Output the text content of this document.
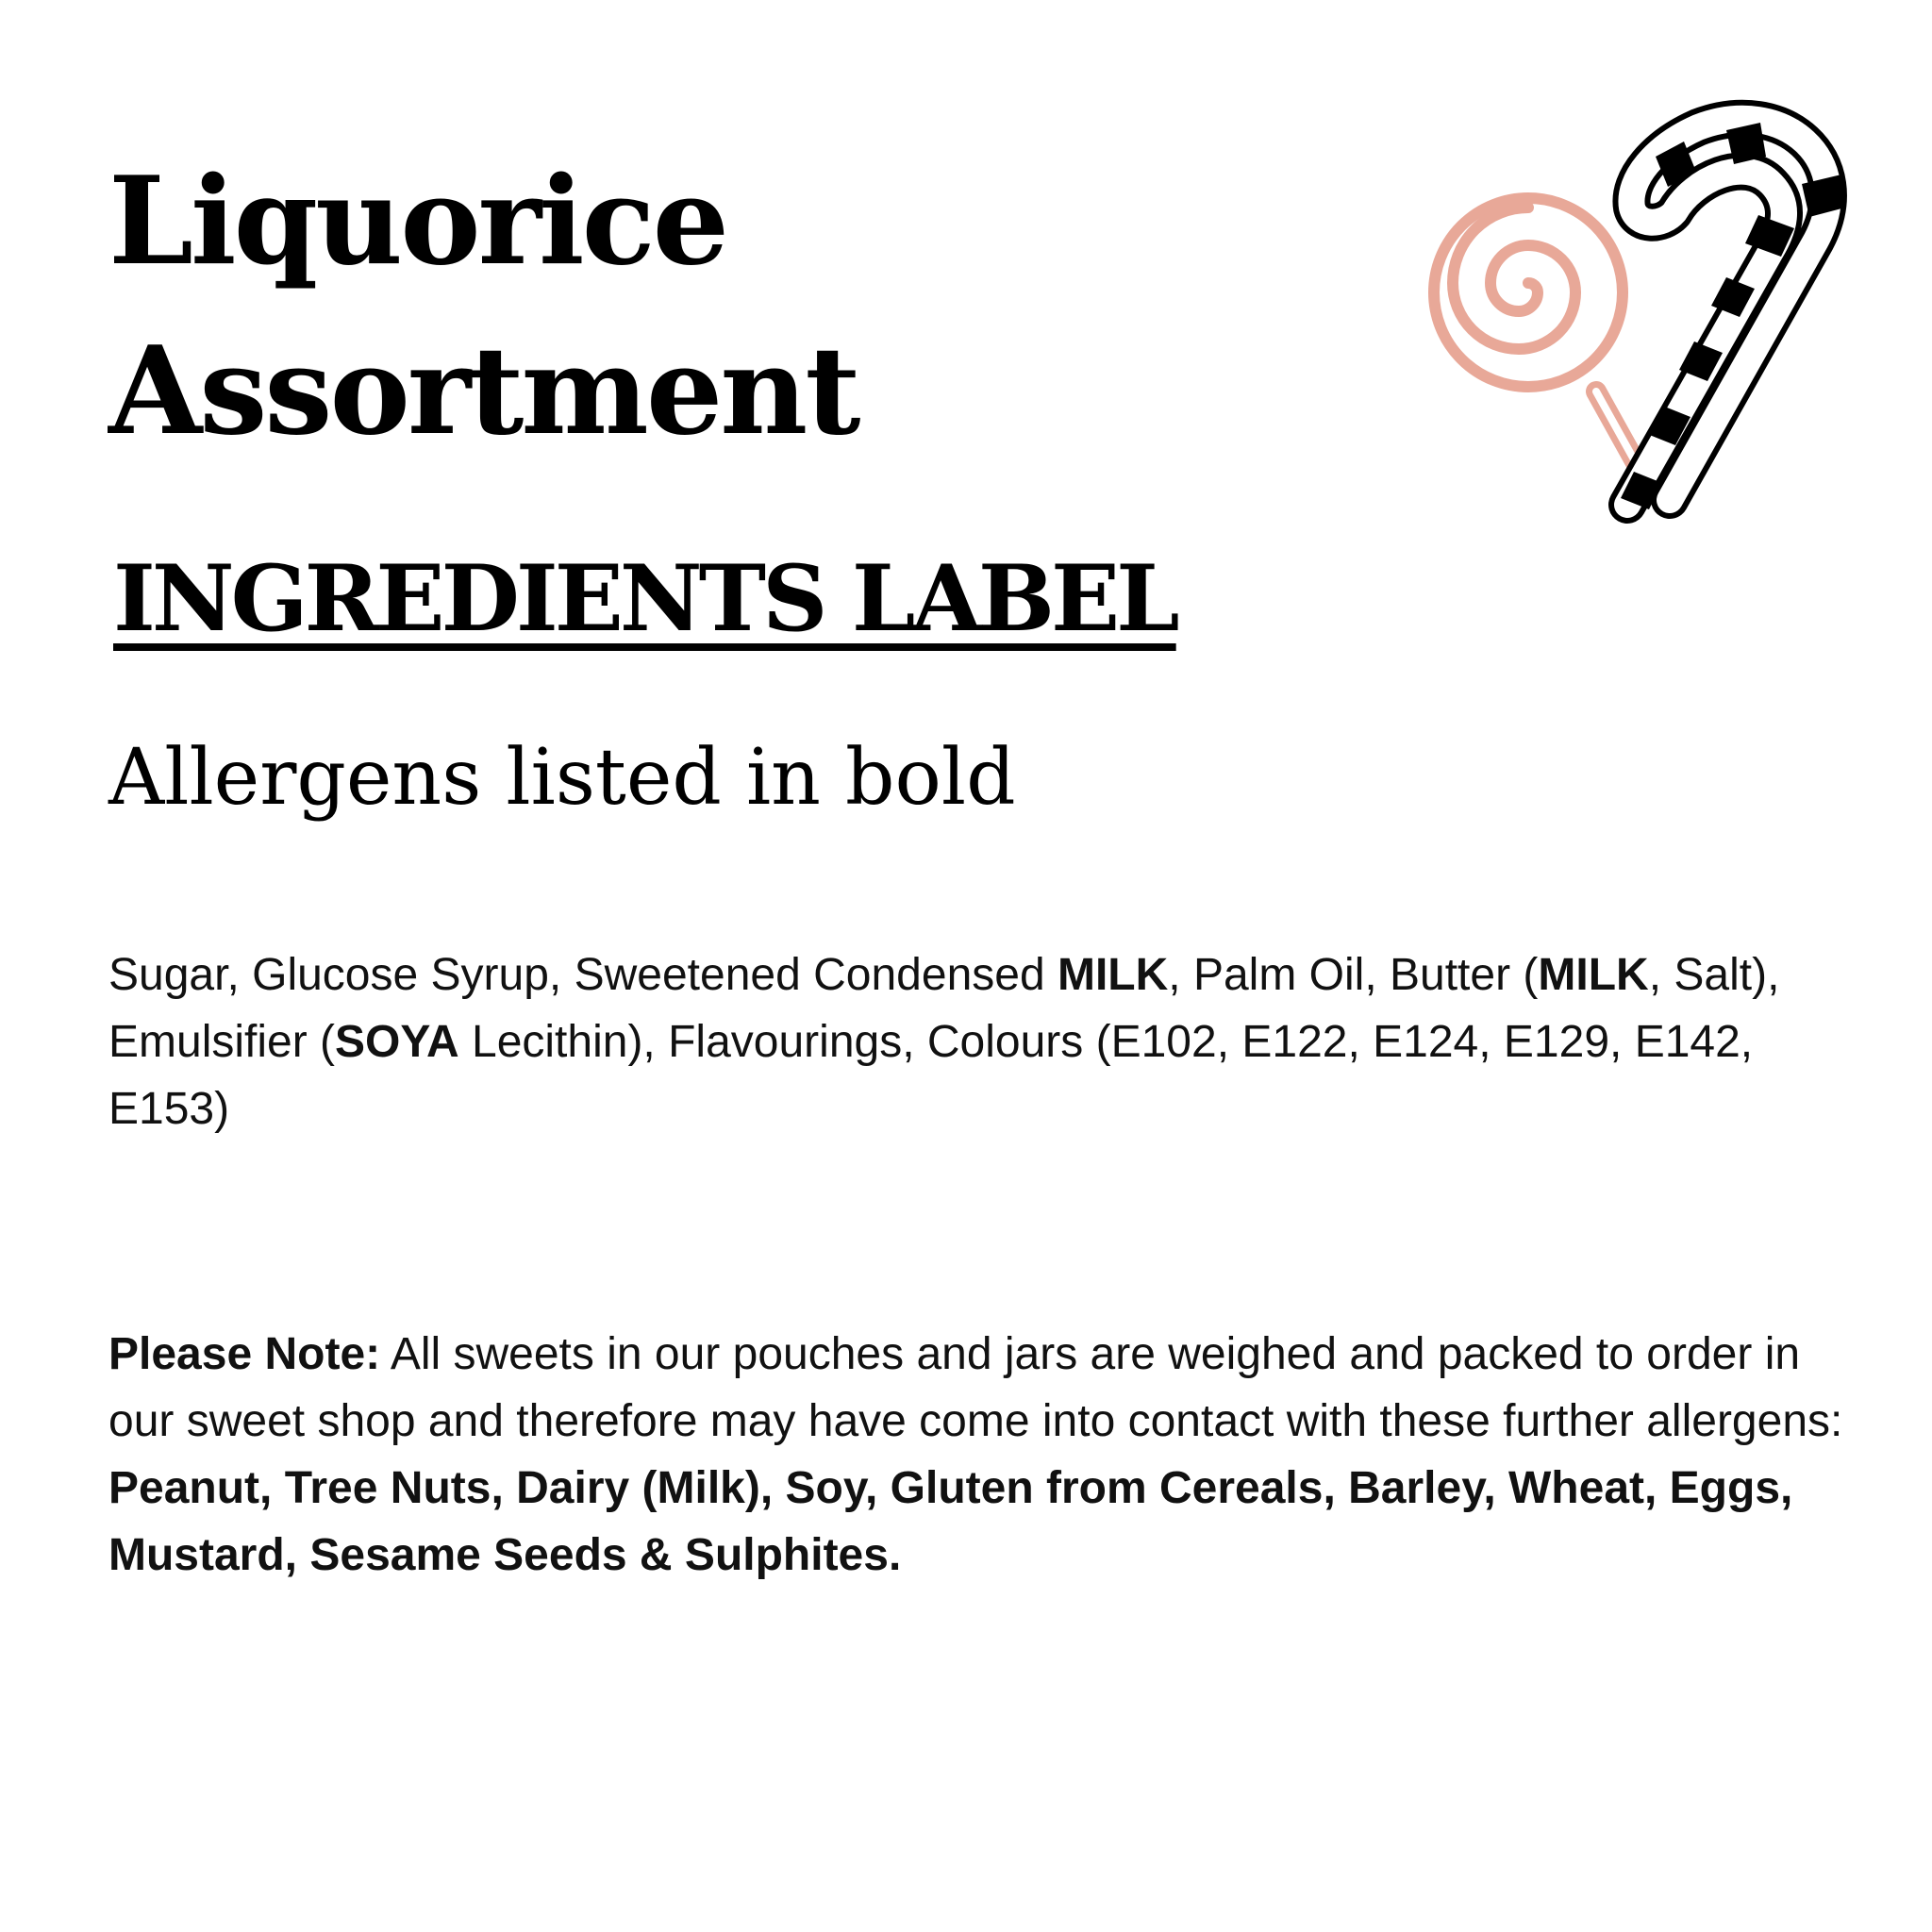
Liquorice
Assortment
INGREDIENTS LABEL

Allergens listed in bold

Sugar, Glucose Syrup, Sweetened Condensed MILK, Palm Oil, Butter (MILK, Salt), Emulsifier (SOYA Lecithin), Flavourings, Colours (E102, E122, E124, E129, E142, E153)

Please Note: All sweets in our pouches and jars are weighed and packed to order in our sweet shop and therefore may have come into contact with these further allergens: Peanut, Tree Nuts, Dairy (Milk), Soy, Gluten from Cereals, Barley, Wheat, Eggs, Mustard, Sesame Seeds & Sulphites.
